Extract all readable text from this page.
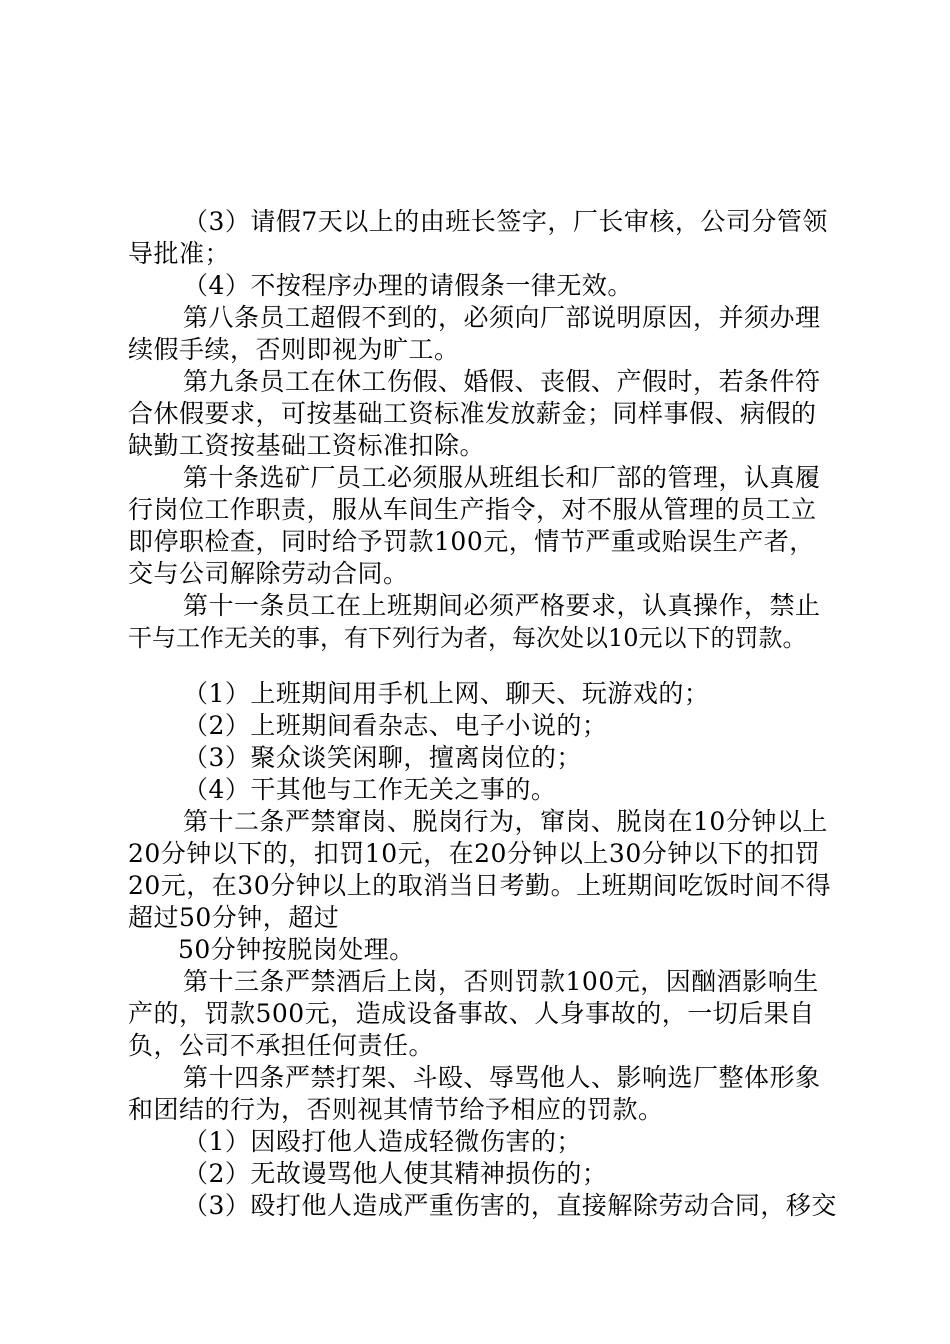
（3）请假7天以上的由班长签字，厂长审核，公司分管领
导批准；
（4）不按程序办理的请假条一律无效。
第八条员工超假不到的，必须向厂部说明原因，并须办理
续假手续，否则即视为旷工。
第九条员工在休工伤假、婚假、丧假、产假时，若条件符
合休假要求，可按基础工资标准发放薪金；同样事假、病假的
缺勤工资按基础工资标准扣除。
第十条选矿厂员工必须服从班组长和厂部的管理，认真履
行岗位工作职责，服从车间生产指令，对不服从管理的员工立
即停职检查，同时给予罚款100元，情节严重或贻误生产者，
交与公司解除劳动合同。
第十一条员工在上班期间必须严格要求，认真操作，禁止
干与工作无关的事，有下列行为者，每次处以10元以下的罚款。
（1）上班期间用手机上网、聊天、玩游戏的；
（2）上班期间看杂志、电子小说的；
（3）聚众谈笑闲聊，擅离岗位的；
（4）干其他与工作无关之事的。
第十二条严禁窜岗、脱岗行为，窜岗、脱岗在10分钟以上
20分钟以下的，扣罚10元，在20分钟以上30分钟以下的扣罚
20元，在30分钟以上的取消当日考勤。上班期间吃饭时间不得
超过50分钟，超过
50分钟按脱岗处理。
第十三条严禁酒后上岗，否则罚款100元，因酗酒影响生
产的，罚款500元，造成设备事故、人身事故的，一切后果自
负，公司不承担任何责任。
第十四条严禁打架、斗殴、辱骂他人、影响选厂整体形象
和团结的行为，否则视其情节给予相应的罚款。
（1）因殴打他人造成轻微伤害的；
（2）无故谩骂他人使其精神损伤的；
（3）殴打他人造成严重伤害的，直接解除劳动合同，移交
